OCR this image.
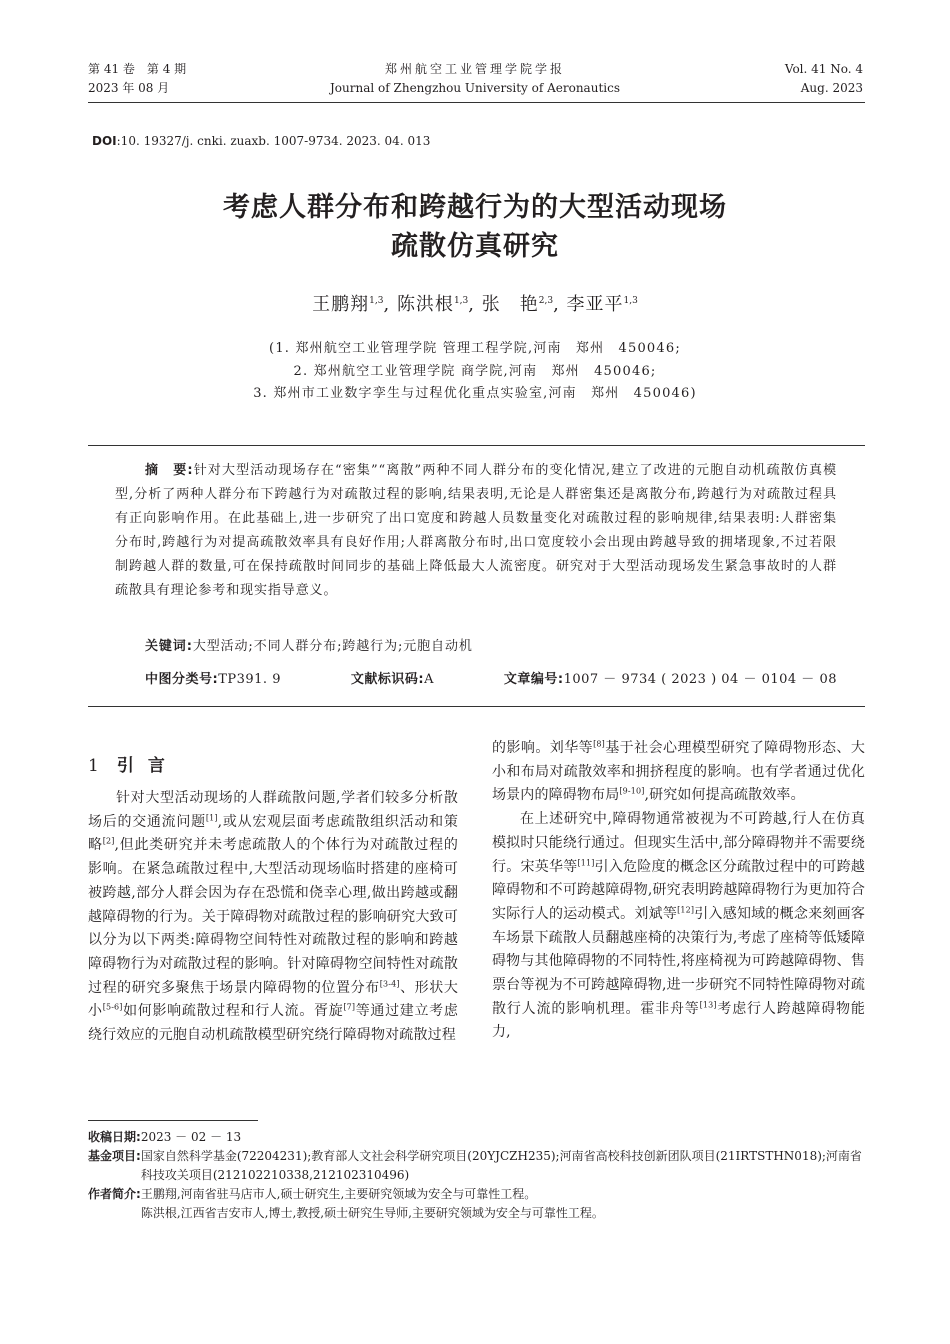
第 41 卷　第 4 期
2023 年 08 月
郑州航空工业管理学院学报
Journal of Zhengzhou University of Aeronautics
Vol. 41 No. 4
Aug. 2023
DOI:10. 19327/j. cnki. zuaxb. 1007-9734. 2023. 04. 013
考虑人群分布和跨越行为的大型活动现场
疏散仿真研究
王鹏翔$^{1,3}$, 陈洪根$^{1,3}$, 张　艳$^{2,3}$, 李亚平$^{1,3}$
(1. 郑州航空工业管理学院 管理工程学院,河南　郑州　450046;
2. 郑州航空工业管理学院 商学院,河南　郑州　450046;
3. 郑州市工业数字孪生与过程优化重点实验室,河南　郑州　450046)
摘　要:针对大型活动现场存在“密集”“离散”两种不同人群分布的变化情况,建立了改进的元胞自动机疏散仿真模型,分析了两种人群分布下跨越行为对疏散过程的影响,结果表明,无论是人群密集还是离散分布,跨越行为对疏散过程具有正向影响作用。在此基础上,进一步研究了出口宽度和跨越人员数量变化对疏散过程的影响规律,结果表明:人群密集分布时,跨越行为对提高疏散效率具有良好作用;人群离散分布时,出口宽度较小会出现由跨越导致的拥堵现象,不过若限制跨越人群的数量,可在保持疏散时间同步的基础上降低最大人流密度。研究对于大型活动现场发生紧急事故时的人群疏散具有理论参考和现实指导意义。
关键词:大型活动;不同人群分布;跨越行为;元胞自动机
中图分类号:TP391. 9	文献标识码:A	文章编号:1007 － 9734 ( 2023 ) 04 － 0104 － 08
1 引言

针对大型活动现场的人群疏散问题,学者们较多分析散场后的交通流问题[1],或从宏观层面考虑疏散组织活动和策略[2],但此类研究并未考虑疏散人的个体行为对疏散过程的影响。在紧急疏散过程中,大型活动现场临时搭建的座椅可被跨越,部分人群会因为存在恐慌和侥幸心理,做出跨越或翻越障碍物的行为。关于障碍物对疏散过程的影响研究大致可以分为以下两类:障碍物空间特性对疏散过程的影响和跨越障碍物行为对疏散过程的影响。针对障碍物空间特性对疏散过程的研究多聚焦于场景内障碍物的位置分布[3-4]、形状大小[5-6]如何影响疏散过程和行人流。胥旋[7]等通过建立考虑绕行效应的元胞自动机疏散模型研究绕行障碍物对疏散过程

的影响。刘华等[8]基于社会心理模型研究了障碍物形态、大小和布局对疏散效率和拥挤程度的影响。也有学者通过优化场景内的障碍物布局[9-10],研究如何提高疏散效率。

在上述研究中,障碍物通常被视为不可跨越,行人在仿真模拟时只能绕行通过。但现实生活中,部分障碍物并不需要绕行。宋英华等[11]引入危险度的概念区分疏散过程中的可跨越障碍物和不可跨越障碍物,研究表明跨越障碍物行为更加符合实际行人的运动模式。刘斌等[12]引入感知域的概念来刻画客车场景下疏散人员翻越座椅的决策行为,考虑了座椅等低矮障碍物与其他障碍物的不同特性,将座椅视为可跨越障碍物、售票台等视为不可跨越障碍物,进一步研究不同特性障碍物对疏散行人流的影响机理。霍非舟等[13]考虑行人跨越障碍物能力,

收稿日期: 2023 － 02 － 13
基金项目: 国家自然科学基金(72204231);教育部人文社会科学研究项目(20YJCZH235);河南省高校科技创新团队项目(21IRTSTHN018);河南省科技攻关项目(212102210338,212102310496)
作者简介: 王鹏翔,河南省驻马店市人,硕士研究生,主要研究领域为安全与可靠性工程。
陈洪根,江西省吉安市人,博士,教授,硕士研究生导师,主要研究领域为安全与可靠性工程。
